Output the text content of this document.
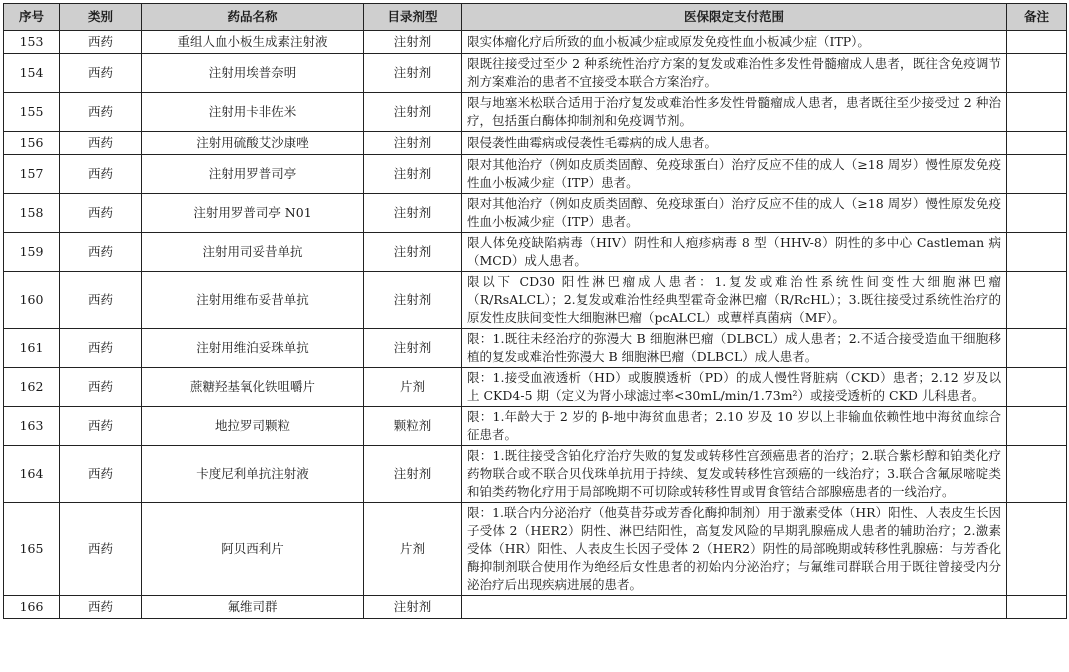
序号	类别	药品名称	目录剂型	医保限定支付范围	备注
153	西药	重组人血小板生成素注射液	注射剂	限实体瘤化疗后所致的血小板减少症或原发免疫性血小板减少症（ITP）。	
154	西药	注射用埃普奈明	注射剂	限既往接受过至少 2 种系统性治疗方案的复发或难治性多发性骨髓瘤成人患者，既往含免疫调节剂方案难治的患者不宜接受本联合方案治疗。	
155	西药	注射用卡非佐米	注射剂	限与地塞米松联合适用于治疗复发或难治性多发性骨髓瘤成人患者，患者既往至少接受过 2 种治疗，包括蛋白酶体抑制剂和免疫调节剂。	
156	西药	注射用硫酸艾沙康唑	注射剂	限侵袭性曲霉病或侵袭性毛霉病的成人患者。	
157	西药	注射用罗普司亭	注射剂	限对其他治疗（例如皮质类固醇、免疫球蛋白）治疗反应不佳的成人（≥18 周岁）慢性原发免疫性血小板减少症（ITP）患者。	
158	西药	注射用罗普司亭 N01	注射剂	限对其他治疗（例如皮质类固醇、免疫球蛋白）治疗反应不佳的成人（≥18 周岁）慢性原发免疫性血小板减少症（ITP）患者。	
159	西药	注射用司妥昔单抗	注射剂	限人体免疫缺陷病毒（HIV）阴性和人疱疹病毒 8 型（HHV-8）阴性的多中心 Castleman 病（MCD）成人患者。	
160	西药	注射用维布妥昔单抗	注射剂	限以下 CD30 阳性淋巴瘤成人患者：1.复发或难治性系统性间变性大细胞淋巴瘤（R/RsALCL）；2.复发或难治性经典型霍奇金淋巴瘤（R/RcHL）；3.既往接受过系统性治疗的原发性皮肤间变性大细胞淋巴瘤（pcALCL）或蕈样真菌病（MF）。	
161	西药	注射用维泊妥珠单抗	注射剂	限：1.既往未经治疗的弥漫大 B 细胞淋巴瘤（DLBCL）成人患者；2.不适合接受造血干细胞移植的复发或难治性弥漫大 B 细胞淋巴瘤（DLBCL）成人患者。	
162	西药	蔗糖羟基氧化铁咀嚼片	片剂	限：1.接受血液透析（HD）或腹膜透析（PD）的成人慢性肾脏病（CKD）患者；2.12 岁及以上 CKD4-5 期（定义为肾小球滤过率<30mL/min/1.73m²）或接受透析的 CKD 儿科患者。	
163	西药	地拉罗司颗粒	颗粒剂	限：1.年龄大于 2 岁的 β-地中海贫血患者；2.10 岁及 10 岁以上非输血依赖性地中海贫血综合征患者。	
164	西药	卡度尼利单抗注射液	注射剂	限：1.既往接受含铂化疗治疗失败的复发或转移性宫颈癌患者的治疗；2.联合紫杉醇和铂类化疗药物联合或不联合贝伐珠单抗用于持续、复发或转移性宫颈癌的一线治疗；3.联合含氟尿嘧啶类和铂类药物化疗用于局部晚期不可切除或转移性胃或胃食管结合部腺癌患者的一线治疗。	
165	西药	阿贝西利片	片剂	限：1.联合内分泌治疗（他莫昔芬或芳香化酶抑制剂）用于激素受体（HR）阳性、人表皮生长因子受体 2（HER2）阴性、淋巴结阳性，高复发风险的早期乳腺癌成人患者的辅助治疗；2.激素受体（HR）阳性、人表皮生长因子受体 2（HER2）阴性的局部晚期或转移性乳腺癌：与芳香化酶抑制剂联合使用作为绝经后女性患者的初始内分泌治疗；与氟维司群联合用于既往曾接受内分泌治疗后出现疾病进展的患者。	
166	西药	氟维司群	注射剂		
